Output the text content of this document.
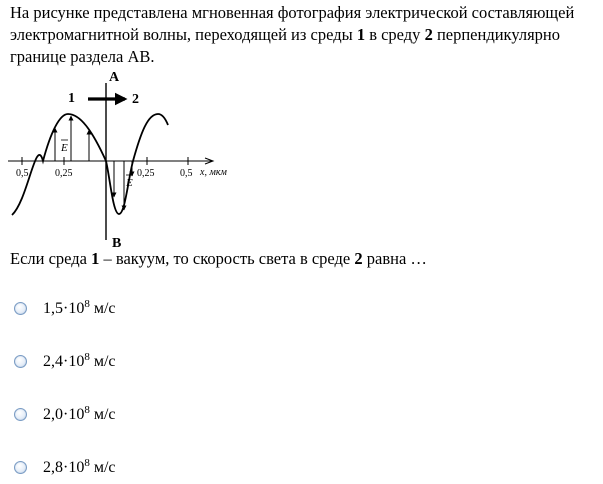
На рисунке представлена мгновенная фотография электрической составляющей электромагнитной волны, переходящей из среды 1 в среду 2 перпендикулярно границе раздела АВ.
А
В
1	2
0,5	0,25	0,25	0,5 x, мкм
E
E
Если среда 1 – вакуум, то скорость света в среде 2 равна …
$1,5\cdot 10^8$ м/с
$2,4\cdot 10^8$ м/с
$2,0\cdot 10^8$ м/с
$2,8\cdot 10^8$ м/с
